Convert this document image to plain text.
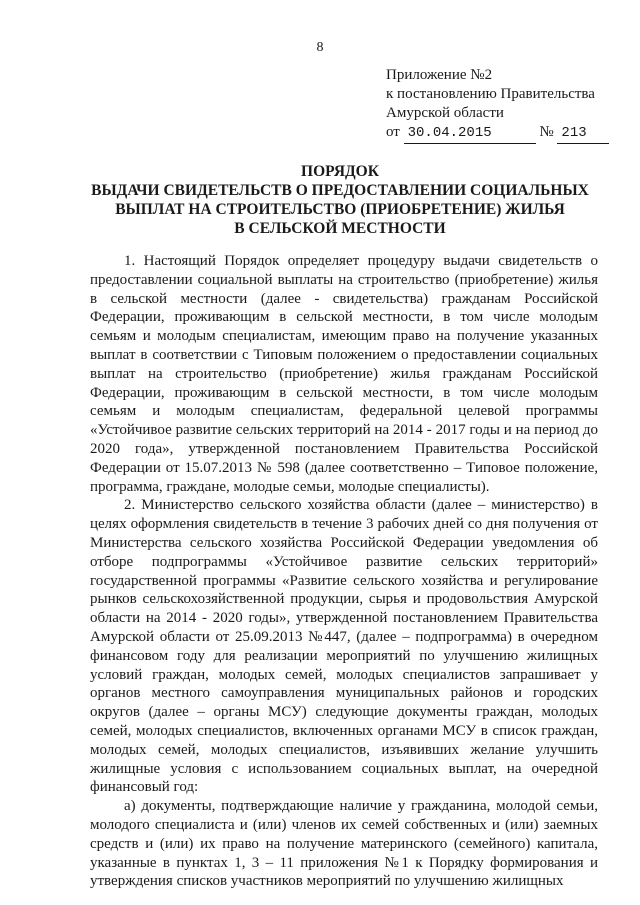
8
Приложение №2
к постановлению Правительства
Амурской области
от 30.04.2015	№ 213
ПОРЯДОК
ВЫДАЧИ СВИДЕТЕЛЬСТВ О ПРЕДОСТАВЛЕНИИ СОЦИАЛЬНЫХ
ВЫПЛАТ НА СТРОИТЕЛЬСТВО (ПРИОБРЕТЕНИЕ) ЖИЛЬЯ
В СЕЛЬСКОЙ МЕСТНОСТИ

1. Настоящий Порядок определяет процедуру выдачи свидетельств о предоставлении социальной выплаты на строительство (приобретение) жилья в сельской местности (далее - свидетельства) гражданам Российской Федерации, проживающим в сельской местности, в том числе молодым семьям и молодым специалистам, имеющим право на получение указанных выплат в соответствии с Типовым положением о предоставлении социальных выплат на строительство (приобретение) жилья гражданам Российской Федерации, проживающим в сельской местности, в том числе молодым семьям и молодым специалистам, федеральной целевой программы «Устойчивое развитие сельских территорий на 2014 - 2017 годы и на период до 2020 года», утвержденной постановлением Правительства Российской Федерации от 15.07.2013 № 598 (далее соответственно – Типовое положение, программа, граждане, молодые семьи, молодые специалисты).

2. Министерство сельского хозяйства области (далее – министерство) в целях оформления свидетельств в течение 3 рабочих дней со дня получения от Министерства сельского хозяйства Российской Федерации уведомления об отборе подпрограммы «Устойчивое развитие сельских территорий» государственной программы «Развитие сельского хозяйства и регулирование рынков сельскохозяйственной продукции, сырья и продовольствия Амурской области на 2014 - 2020 годы», утвержденной постановлением Правительства Амурской области от 25.09.2013 №447, (далее – подпрограмма) в очередном финансовом году для реализации мероприятий по улучшению жилищных условий граждан, молодых семей, молодых специалистов запрашивает у органов местного самоуправления муниципальных районов и городских округов (далее – органы МСУ) следующие документы граждан, молодых семей, молодых специалистов, включенных органами МСУ в список граждан, молодых семей, молодых специалистов, изъявивших желание улучшить жилищные условия с использованием социальных выплат, на очередной финансовый год:

а) документы, подтверждающие наличие у гражданина, молодой семьи, молодого специалиста и (или) членов их семей собственных и (или) заемных средств и (или) их право на получение материнского (семейного) капитала, указанные в пунктах 1, 3 – 11 приложения №1 к Порядку формирования и утверждения списков участников мероприятий по улучшению жилищных
